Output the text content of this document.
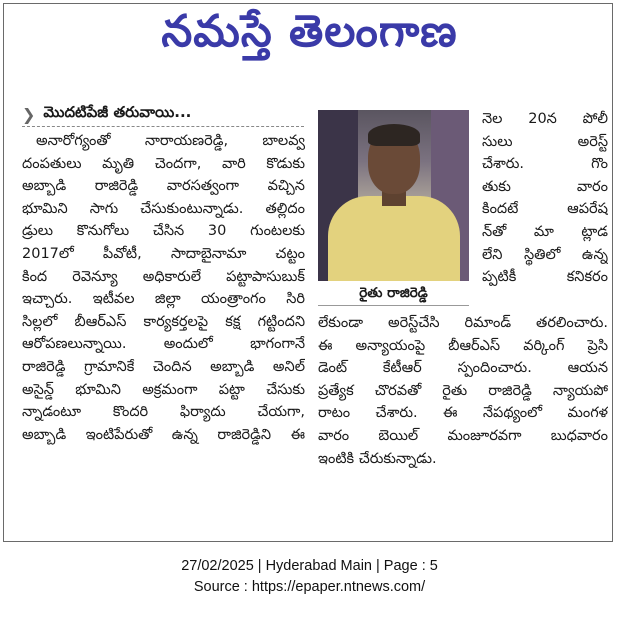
నమస్తే తెలంగాణ
❯ మొదటిపేజీ తరువాయి...

అనారోగ్యంతో నారాయణరెడ్డి, బాలవ్వ

దంపతులు మృతి చెందగా, వారి కొడుకు

అబ్బాడి రాజిరెడ్డి వారసత్వంగా వచ్చిన

భూమిని సాగు చేసుకుంటున్నాడు. తల్లిదం

డ్రులు కొనుగోలు చేసిన 30 గుంటలకు

2017లో పీవోటీ, సాదాబైనామా చట్టం

కింద రెవెన్యూ అధికారులే పట్టాపాసుబుక్

ఇచ్చారు. ఇటీవల జిల్లా యంత్రాంగం సిరి

సిల్లలో బీఆర్ఎస్ కార్యకర్తలపై కక్ష గట్టిందని

ఆరోపణలున్నాయి. అందులో భాగంగానే

రాజిరెడ్డి గ్రామానికే చెందిన అబ్బాడి అనిల్

అసైన్డ్ భూమిని అక్రమంగా పట్టా చేసుకు

న్నాడంటూ కొందరి ఫిర్యాదు చేయగా,

అబ్బాడి ఇంటిపేరుతో ఉన్న రాజిరెడ్డిని ఈ

రైతు రాజిరెడ్డి

నెల 20న పోలీ

సులు అరెస్ట్

చేశారు. గొం

తుకు వారం

కిందటే ఆపరేష

న్‌తో మా ట్లాడ

లేని స్థితిలో ఉన్న

ప్పటికీ కనికరం

లేకుండా అరెస్ట్‌చేసి రిమాండ్ తరలించారు.

ఈ అన్యాయంపై బీఆర్ఎస్ వర్కింగ్ ప్రెసి

డెంట్ కేటీఆర్ స్పందించారు. ఆయన

ప్రత్యేక చొరవతో రైతు రాజిరెడ్డి న్యాయపో

రాటం చేశారు. ఈ నేపథ్యంలో మంగళ

వారం బెయిల్ మంజూరవగా బుధవారం

ఇంటికి చేరుకున్నాడు.

27/02/2025 | Hyderabad Main | Page : 5
Source : https://epaper.ntnews.com/
